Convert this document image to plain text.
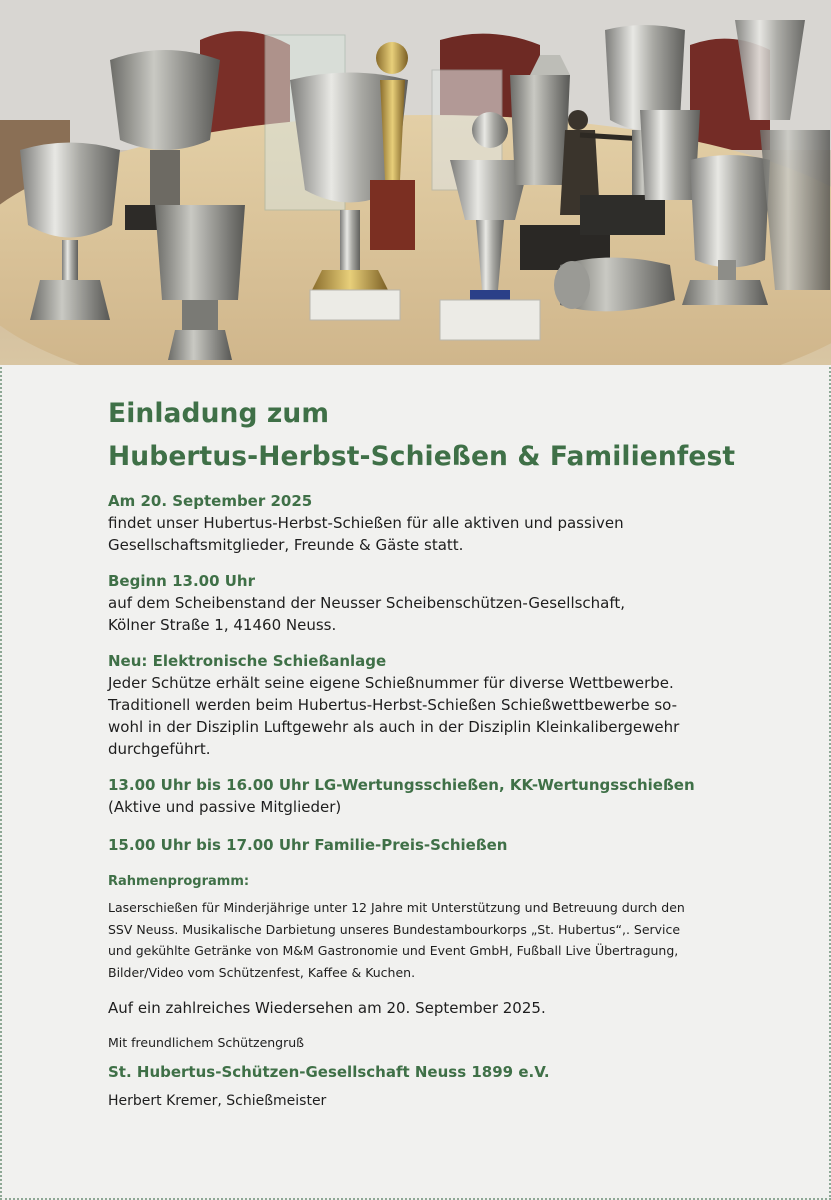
Einladung zum
Hubertus-Herbst-Schießen & Familienfest
Am 20. September 2025
findet unser Hubertus-Herbst-Schießen für alle aktiven und passiven
Gesellschaftsmitglieder, Freunde & Gäste statt.
Beginn 13.00 Uhr
auf dem Scheibenstand der Neusser Scheibenschützen-Gesellschaft,
Kölner Straße 1, 41460 Neuss.
Neu: Elektronische Schießanlage
Jeder Schütze erhält seine eigene Schießnummer für diverse Wettbewerbe.
Traditionell werden beim Hubertus-Herbst-Schießen Schießwettbewerbe so-
wohl in der Disziplin Luftgewehr als auch in der Disziplin Kleinkalibergewehr
durchgeführt.
13.00 Uhr bis 16.00 Uhr LG-Wertungsschießen, KK-Wertungsschießen
(Aktive und passive Mitglieder)
15.00 Uhr bis 17.00 Uhr Familie-Preis-Schießen
Rahmenprogramm:
Laserschießen für Minderjährige unter 12 Jahre mit Unterstützung und Betreuung durch den
SSV Neuss. Musikalische Darbietung unseres Bundestambourkorps „St. Hubertus“,. Service
und gekühlte Getränke von M&M Gastronomie und Event GmbH, Fußball Live Übertragung,
Bilder/Video vom Schützenfest, Kaffee & Kuchen.
Auf ein zahlreiches Wiedersehen am 20. September 2025.
Mit freundlichem Schützengruß
St. Hubertus-Schützen-Gesellschaft Neuss 1899 e.V.
Herbert Kremer, Schießmeister
